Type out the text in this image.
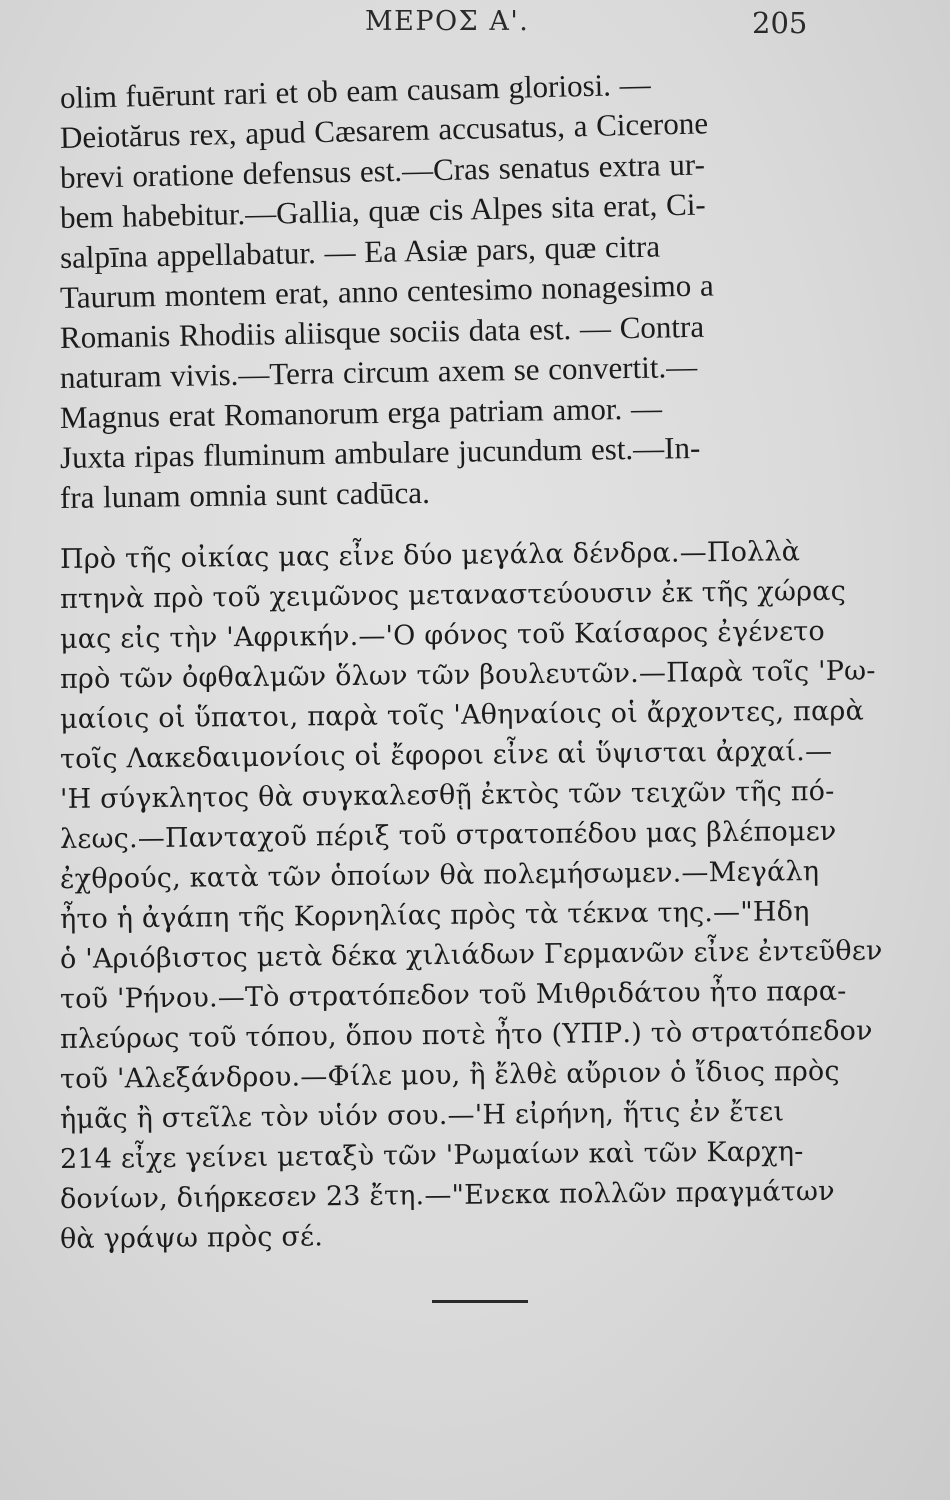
ΜΕΡΟΣ Α'.	205
olim fuērunt rari et ob eam causam gloriosi. —
Deiotărus rex, apud Cæsarem accusatus, a Cicerone
brevi oratione defensus est.—Cras senatus extra ur-
bem habebitur.—Gallia, quæ cis Alpes sita erat, Ci-
salpīna appellabatur. — Ea Asiæ pars, quæ citra
Taurum montem erat, anno centesimo nonagesimo a
Romanis Rhodiis aliisque sociis data est. — Contra
naturam vivis.—Terra circum axem se convertit.—
Magnus erat Romanorum erga patriam amor. —
Juxta ripas fluminum ambulare jucundum est.—In-
fra lunam omnia sunt cadūca.
Πρὸ τῆς οἰκίας μας εἶνε δύο μεγάλα δένδρα.—Πολλὰ
πτηνὰ πρὸ τοῦ χειμῶνος μεταναστεύουσιν ἐκ τῆς χώρας
μας εἰς τὴν 'Αφρικήν.—'Ο φόνος τοῦ Καίσαρος ἐγένετο
πρὸ τῶν ὀφθαλμῶν ὅλων τῶν βουλευτῶν.—Παρὰ τοῖς 'Ρω-
μαίοις οἱ ὕπατοι, παρὰ τοῖς 'Αθηναίοις οἱ ἄρχοντες, παρὰ
τοῖς Λακεδαιμονίοις οἱ ἔφοροι εἶνε αἱ ὕψισται ἀρχαί.—
'Η σύγκλητος θὰ συγκαλεσθῇ ἐκτὸς τῶν τειχῶν τῆς πό-
λεως.—Πανταχοῦ πέριξ τοῦ στρατοπέδου μας βλέπομεν
ἐχθρούς, κατὰ τῶν ὁποίων θὰ πολεμήσωμεν.—Μεγάλη
ἦτο ἡ ἀγάπη τῆς Κορνηλίας πρὸς τὰ τέκνα της.—"Ηδη
ὁ 'Αριόβιστος μετὰ δέκα χιλιάδων Γερμανῶν εἶνε ἐντεῦθεν
τοῦ 'Ρήνου.—Τὸ στρατόπεδον τοῦ Μιθριδάτου ἦτο παρα-
πλεύρως τοῦ τόπου, ὅπου ποτὲ ἦτο (ΥΠΡ.) τὸ στρατόπεδον
τοῦ 'Αλεξάνδρου.—Φίλε μου, ἢ ἔλθὲ αὔριον ὁ ἴδιος πρὸς
ἡμᾶς ἢ στεῖλε τὸν υἱόν σου.—'Η εἰρήνη, ἥτις ἐν ἔτει
214 εἶχε γείνει μεταξὺ τῶν 'Ρωμαίων καὶ τῶν Καρχη-
δονίων, διήρκεσεν 23 ἔτη.—"Ενεκα πολλῶν πραγμάτων
θὰ γράψω πρὸς σέ.
